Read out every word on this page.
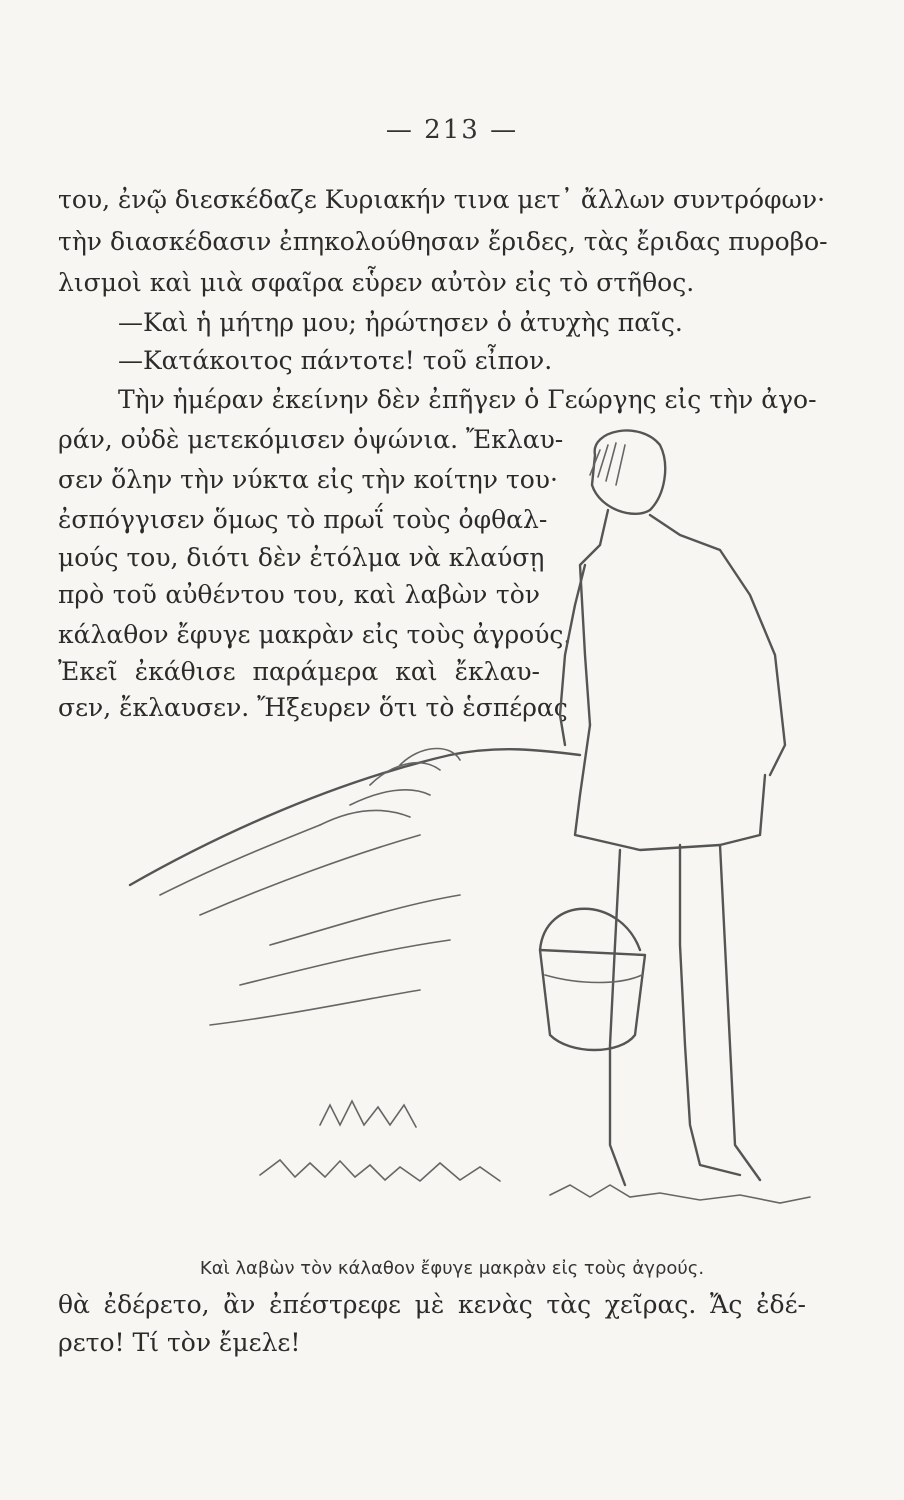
— 213 —
του, ἐνῷ διεσκέδαζε Κυριακήν τινα μετ᾽ ἄλλων συντρόφων·
τὴν διασκέδασιν ἐπηκολούθησαν ἔριδες, τὰς ἔριδας πυροβο-
λισμοὶ καὶ μιὰ σφαῖρα εὗρεν αὐτὸν εἰς τὸ στῆθος.
—Καὶ ἡ μήτηρ μου; ἠρώτησεν ὁ ἀτυχὴς παῖς.
—Κατάκοιτος πάντοτε! τοῦ εἶπον.
Τὴν ἡμέραν ἐκείνην δὲν ἐπῆγεν ὁ Γεώργης εἰς τὴν ἀγο-
ράν, οὐδὲ μετεκόμισεν ὀψώνια. Ἔκλαυ-
σεν ὅλην τὴν νύκτα εἰς τὴν κοίτην του·
ἐσπόγγισεν ὅμως τὸ πρωΐ τοὺς ὀφθαλ-
μούς του, διότι δὲν ἐτόλμα νὰ κλαύσῃ
πρὸ τοῦ αὐθέντου του, καὶ λαβὼν τὸν
κάλαθον ἔφυγε μακρὰν εἰς τοὺς ἀγρούς.
Ἐκεῖ ἐκάθισε παράμερα καὶ ἔκλαυ-
σεν, ἔκλαυσεν. Ἤξευρεν ὅτι τὸ ἑσπέρας
Καὶ λαβὼν τὸν κάλαθον ἔφυγε μακρὰν εἰς τοὺς ἀγρούς.
θὰ ἐδέρετο, ἂν ἐπέστρεφε μὲ κενὰς τὰς χεῖρας. Ἄς ἐδέ-
ρετο! Τί τὸν ἔμελε!
